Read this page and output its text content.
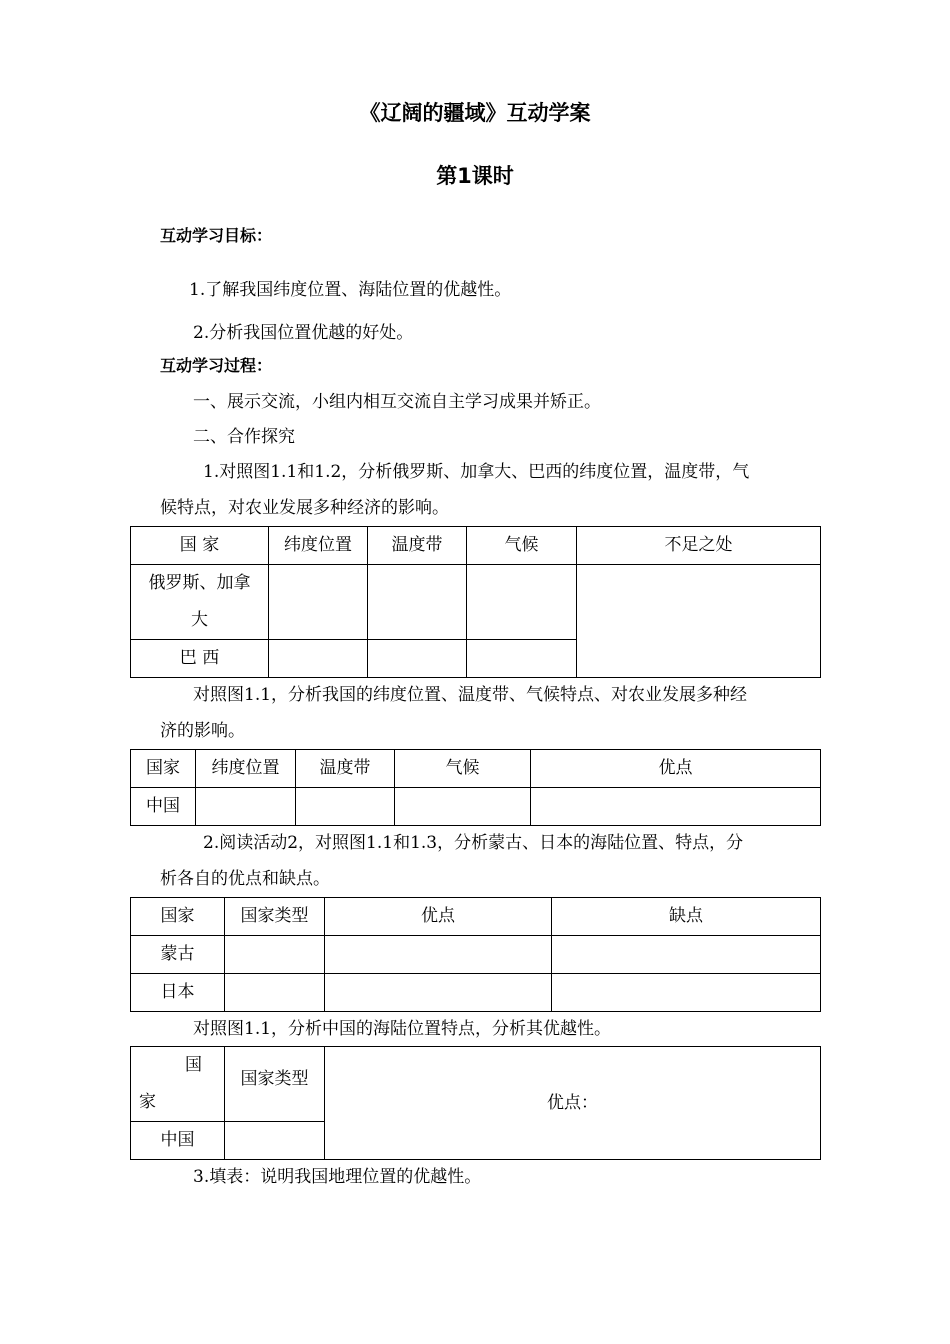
《辽阔的疆域》互动学案
第1课时
互动学习目标：
1.了解我国纬度位置、海陆位置的优越性。
2.分析我国位置优越的好处。
互动学习过程：
一、展示交流，小组内相互交流自主学习成果并矫正。
二、合作探究
1.对照图1.1和1.2，分析俄罗斯、加拿大、巴西的纬度位置，温度带，气
候特点，对农业发展多种经济的影响。
国 家	纬度位置	温度带	气候	不足之处

俄罗斯、加拿
大				

巴 西				
对照图1.1，分析我国的纬度位置、温度带、气候特点、对农业发展多种经
济的影响。
国家	纬度位置	温度带	气候	优点
中国				
2.阅读活动2，对照图1.1和1.3，分析蒙古、日本的海陆位置、特点，分
析各自的优点和缺点。
国家	国家类型	优点	缺点
蒙古			
日本			
对照图1.1，分析中国的海陆位置特点，分析其优越性。
国
家	国家类型	优点：
中国		
3.填表：说明我国地理位置的优越性。
